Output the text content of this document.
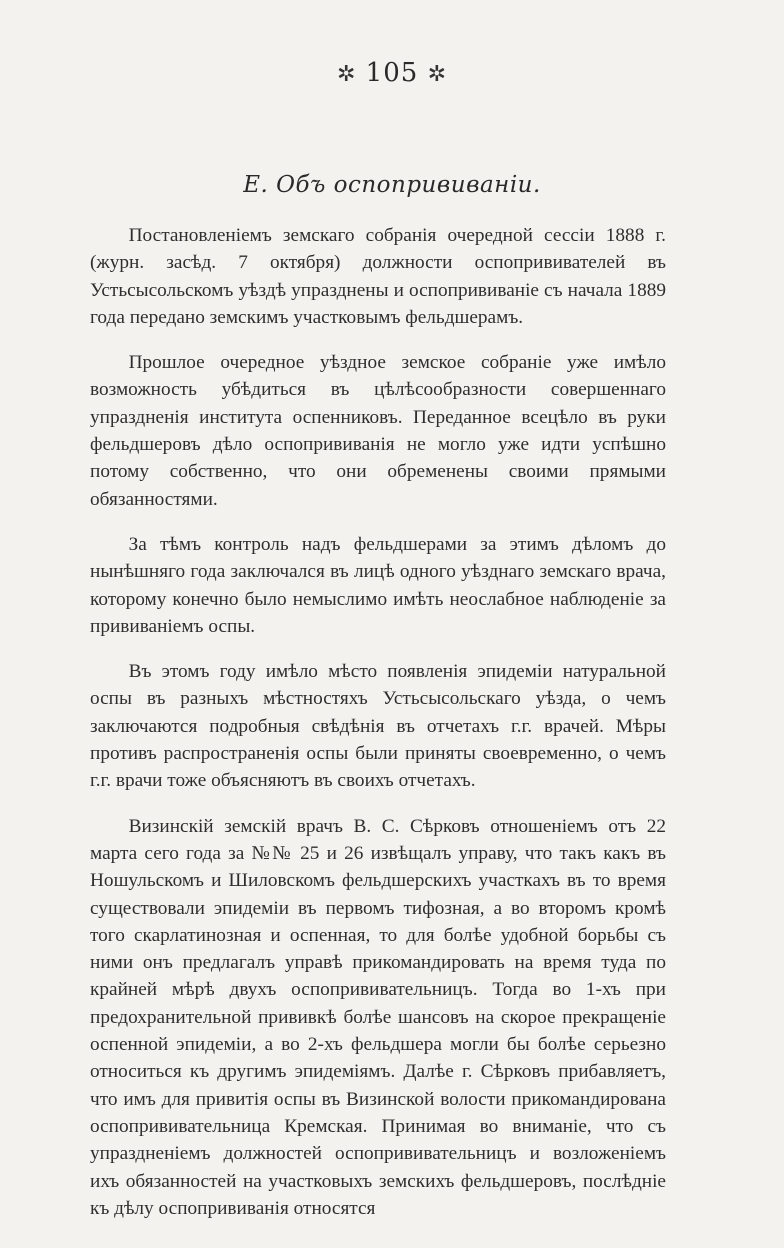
✲ 105 ✲
Е. Объ оспопрививаніи.

Постановленіемъ земскаго собранія очередной сессіи 1888 г. (журн. засѣд. 7 октября) должности оспопрививателей въ Устьсысольскомъ уѣздѣ упразднены и оспопрививаніе съ начала 1889 года передано земскимъ участковымъ фельдшерамъ.

Прошлое очередное уѣздное земское собраніе уже имѣло возможность убѣдиться въ цѣлѣсообразности совершеннаго упраздненія института оспенниковъ. Переданное всецѣло въ руки фельдшеровъ дѣло оспопрививанія не могло уже идти успѣшно потому собственно, что они обременены своими прямыми обязанностями.

За тѣмъ контроль надъ фельдшерами за этимъ дѣломъ до нынѣшняго года заключался въ лицѣ одного уѣзднаго земскаго врача, которому конечно было немыслимо имѣть неослабное наблюденіе за прививаніемъ оспы.

Въ этомъ году имѣло мѣсто появленія эпидеміи натуральной оспы въ разныхъ мѣстностяхъ Устьсысольскаго уѣзда, о чемъ заключаются подробныя свѣдѣнія въ отчетахъ г.г. врачей. Мѣры противъ распространенія оспы были приняты своевременно, о чемъ г.г. врачи тоже объясняютъ въ своихъ отчетахъ.

Визинскій земскій врачъ В. С. Сѣрковъ отношеніемъ отъ 22 марта сего года за №№ 25 и 26 извѣщалъ управу, что такъ какъ въ Ношульскомъ и Шиловскомъ фельдшерскихъ участкахъ въ то время существовали эпидеміи въ первомъ тифозная, а во второмъ кромѣ того скарлатинозная и оспенная, то для болѣе удобной борьбы съ ними онъ предлагалъ управѣ прикомандировать на время туда по крайней мѣрѣ двухъ оспопрививательницъ. Тогда во 1-хъ при предохранительной прививкѣ болѣе шансовъ на скорое прекращеніе оспенной эпидеміи, а во 2-хъ фельдшера могли бы болѣе серьезно относиться къ другимъ эпидеміямъ. Далѣе г. Сѣрковъ прибавляетъ, что имъ для привитія оспы въ Визинской волости прикомандирована оспопрививательница Кремская. Принимая во вниманіе, что съ упраздненіемъ должностей оспопрививательницъ и возложеніемъ ихъ обязанностей на участковыхъ земскихъ фельдшеровъ, послѣдніе къ дѣлу оспопрививанія относятся
